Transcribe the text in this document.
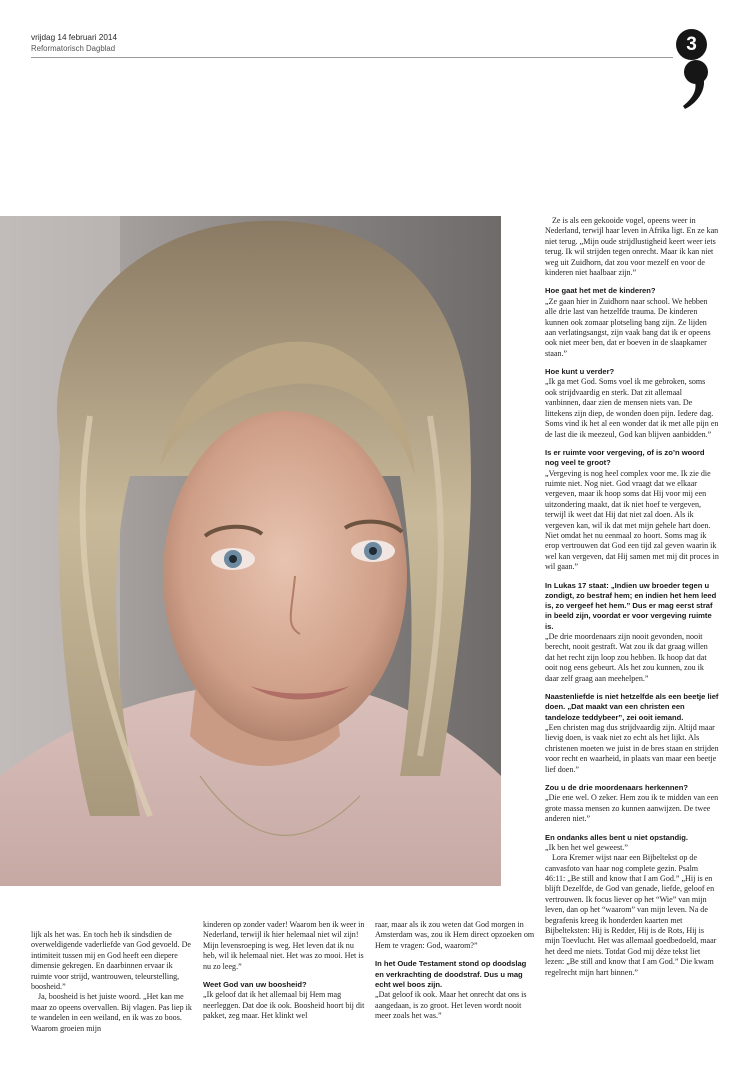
vrijdag 14 februari 2014
Reformatorisch Dagblad	3

Ze is als een gekooide vogel, opeens weer in Nederland, terwijl haar leven in Afrika ligt. En ze kan niet terug. „Mijn oude strijdlustigheid keert weer iets terug. Ik wil strijden tegen onrecht. Maar ik kan niet weg uit Zuidhorn, dat zou voor mezelf en voor de kinderen niet haalbaar zijn.”

Hoe gaat het met de kinderen?

„Ze gaan hier in Zuidhorn naar school. We hebben alle drie last van hetzelfde trauma. De kinderen kunnen ook zomaar plotseling bang zijn. Ze lijden aan verlatingsangst, zijn vaak bang dat ik er opeens ook niet meer ben, dat er boeven in de slaapkamer staan.”

Hoe kunt u verder?

„Ik ga met God. Soms voel ik me gebroken, soms ook strijdvaardig en sterk. Dat zit allemaal vanbinnen, daar zien de mensen niets van. De littekens zijn diep, de wonden doen pijn. Iedere dag. Soms vind ik het al een wonder dat ik met alle pijn en de last die ik meezeul, God kan blijven aanbidden.”

Is er ruimte voor vergeving, of is zo’n woord nog veel te groot?

„Vergeving is nog heel complex voor me. Ik zie die ruimte niet. Nog niet. God vraagt dat we elkaar vergeven, maar ik hoop soms dat Hij voor mij een uitzondering maakt, dat ik niet hoef te vergeven, terwijl ik weet dat Hij dat niet zal doen. Als ik vergeven kan, wil ik dat met mijn gehele hart doen. Niet omdat het nu eenmaal zo hoort. Soms mag ik erop vertrouwen dat God een tijd zal geven waarin ik wel kan vergeven, dat Hij samen met mij dit proces in wil gaan.”

In Lukas 17 staat: „Indien uw broeder tegen u zondigt, zo bestraf hem; en indien het hem leed is, zo vergeef het hem.” Dus er mag eerst straf in beeld zijn, voordat er voor vergeving ruimte is.

„De drie moordenaars zijn nooit gevonden, nooit berecht, nooit gestraft. Wat zou ik dat graag willen dat het recht zijn loop zou hebben. Ik hoop dat dat ooit nog eens gebeurt. Als het zou kunnen, zou ik daar zelf graag aan meehelpen.”

Naastenliefde is niet hetzelfde als een beetje lief doen. „Dat maakt van een christen een tandeloze teddybeer”, zei ooit iemand.

„Een christen mag dus strijdvaardig zijn. Altijd maar lievig doen, is vaak niet zo echt als het lijkt. Als christenen moeten we juist in de bres staan en strijden voor recht en waarheid, in plaats van maar een beetje lief doen.”

Zou u de drie moordenaars herkennen?

„Die ene wel. O zeker. Hem zou ik te midden van een grote massa mensen zo kunnen aanwijzen. De twee anderen niet.”

En ondanks alles bent u niet opstandig.

„Ik ben het wel geweest.”

Lora Kremer wijst naar een Bijbeltekst op de canvasfoto van haar nog complete gezin. Psalm 46:11: „Be still and know that I am God.” „Hij is en blijft Dezelfde, de God van genade, liefde, geloof en vertrouwen. Ik focus liever op het “Wie” van mijn leven, dan op het “waarom” van mijn leven. Na de begrafenis kreeg ik honderden kaarten met Bijbelteksten: Hij is Redder, Hij is de Rots, Hij is mijn Toevlucht. Het was allemaal goedbedoeld, maar het deed me niets. Totdat God mij déze tekst liet lezen: „Be still and know that I am God.” Die kwam regelrecht mijn hart binnen.”

lijk als het was. En toch heb ik sindsdien de overweldigende vaderliefde van God gevoeld. De intimiteit tussen mij en God heeft een diepere dimensie gekregen. En daarbinnen ervaar ik ruimte voor strijd, wantrouwen, teleurstelling, boosheid.”

Ja, boosheid is het juiste woord. „Het kan me maar zo opeens overvallen. Bij vlagen. Pas liep ik te wandelen in een weiland, en ik was zo boos. Waarom groeien mijn

kinderen op zonder vader! Waarom ben ik weer in Nederland, terwijl ik hier helemaal niet wil zijn! Mijn levensroeping is weg. Het leven dat ik nu heb, wil ik helemaal niet. Het was zo mooi. Het is nu zo leeg.”

Weet God van uw boosheid?

„Ik geloof dat ik het allemaal bij Hem mag neerleggen. Dat doe ik ook. Boosheid hoort bij dit pakket, zeg maar. Het klinkt wel

raar, maar als ik zou weten dat God morgen in Amsterdam was, zou ik Hem direct opzoeken om Hem te vragen: God, waarom?”

In het Oude Testament stond op doodslag en verkrachting de doodstraf. Dus u mag echt wel boos zijn.

„Dat geloof ik ook. Maar het onrecht dat ons is aangedaan, is zo groot. Het leven wordt nooit meer zoals het was.”
